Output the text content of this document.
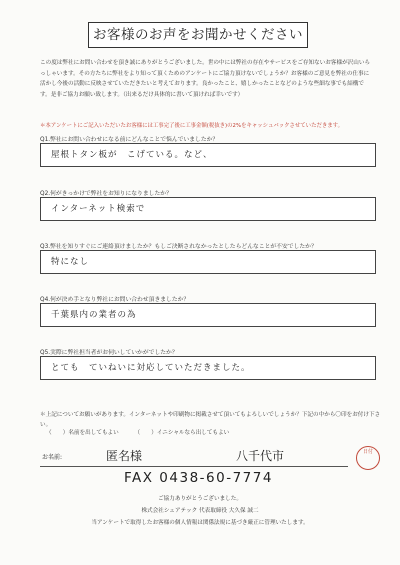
お客様のお声をお聞かせください
この度は弊社にお問い合わせを頂き誠にありがとうございました。世の中には弊社の存在やサービスをご存知ないお客様が沢山いらっしゃいます。その方たちに弊社をより知って頂くためのアンケートにご協力頂けないでしょうか？お客様のご意見を弊社の仕事に活かし今後の活動に反映させていただきたいと考えております。良かったこと、嬉しかったことなどのような些細な事でも結構です。是非ご協力お願い致します。（出来るだけ具体的に書いて頂ければ幸いです）
＊本アンケートにご記入いただいたお客様には工事完了後に工事金額(税抜き)の2%をキャッシュバックさせていただきます。
Q1.弊社にお問い合わせになる前にどんなことで悩んでいましたか？
屋根トタン板が　こげている。など、
Q2.何がきっかけで弊社をお知りになりましたか？
インターネット検索で
Q3.弊社を知りすぐにご連絡頂けましたか？もしご決断されなかったとしたらどんなことが不安でしたか？
特になし
Q4.何が決め手となり弊社にお問い合わせ頂きましたか？
千葉県内の業者の為
Q5.実際に弊社担当者がお伺いしていかがでしたか？
とても　ていねいに対応していただきました。
＊上記についてお願いがあります。インターネットや印刷物に掲載させて頂いてもよろしいでしょうか？下記の中から〇印をお付け下さい。
（　　）名前を出してもよい	（　　）イニシャルなら出してもよい
お名前:	匿名様	八千代市	日付
FAX 0438-60-7774
ご協力ありがとうございました。
株式会社シェアテック 代表取締役 大久保 誠二
当アンケートで取得したお客様の個人情報は関係法規に基づき厳正に管理いたします。
